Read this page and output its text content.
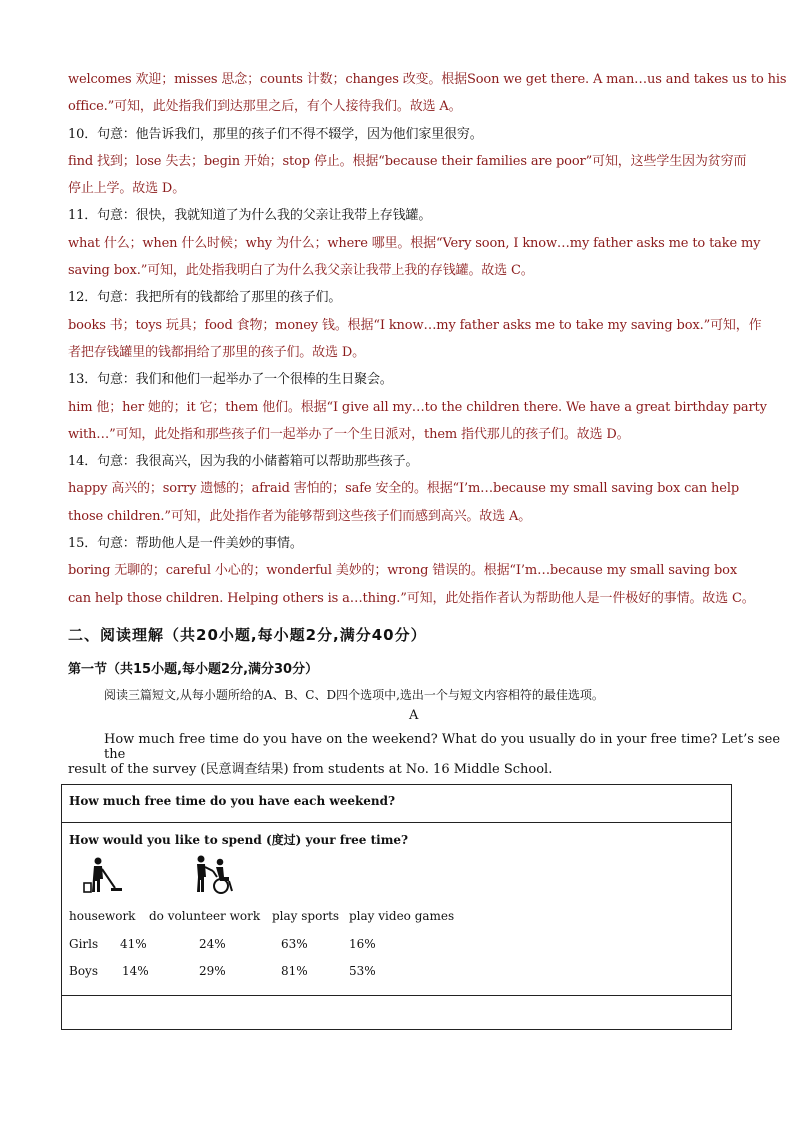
welcomes 欢迎；misses 思念；counts 计数；changes 改变。根据Soon we get there. A man…us and takes us to his
office.”可知，此处指我们到达那里之后，有个人接待我们。故选 A。
10．句意：他告诉我们，那里的孩子们不得不辍学，因为他们家里很穷。
find 找到；lose 失去；begin 开始；stop 停止。根据“because their families are poor”可知，这些学生因为贫穷而
停止上学。故选 D。
11．句意：很快，我就知道了为什么我的父亲让我带上存钱罐。
what 什么；when 什么时候；why 为什么；where 哪里。根据“Very soon, I know…my father asks me to take my
saving box.”可知，此处指我明白了为什么我父亲让我带上我的存钱罐。故选 C。
12．句意：我把所有的钱都给了那里的孩子们。
books 书；toys 玩具；food 食物；money 钱。根据“I know…my father asks me to take my saving box.”可知，作
者把存钱罐里的钱都捐给了那里的孩子们。故选 D。
13．句意：我们和他们一起举办了一个很棒的生日聚会。
him 他；her 她的；it 它；them 他们。根据“I give all my…to the children there. We have a great birthday party
with…”可知，此处指和那些孩子们一起举办了一个生日派对，them 指代那儿的孩子们。故选 D。
14．句意：我很高兴，因为我的小储蓄箱可以帮助那些孩子。
happy 高兴的；sorry 遗憾的；afraid 害怕的；safe 安全的。根据“I’m…because my small saving box can help
those children.”可知，此处指作者为能够帮到这些孩子们而感到高兴。故选 A。
15．句意：帮助他人是一件美妙的事情。
boring 无聊的；careful 小心的；wonderful 美妙的；wrong 错误的。根据“I’m…because my small saving box
can help those children. Helping others is a…thing.”可知，此处指作者认为帮助他人是一件极好的事情。故选 C。
二、阅读理解（共20小题,每小题2分,满分40分）
第一节（共15小题,每小题2分,满分30分）
阅读三篇短文,从每小题所给的A、B、C、D四个选项中,选出一个与短文内容相符的最佳选项。
A
How much free time do you have on the weekend? What do you usually do in your free time? Let’s see the
result of the survey (民意调查结果) from students at No. 16 Middle School.
How much free time do you have each weekend?
How would you like to spend (度过) your free time?
housework do volunteer work play sports play video games
Girls 41%	24%	63%	16%
Boys 14%	29%	81%	53%
